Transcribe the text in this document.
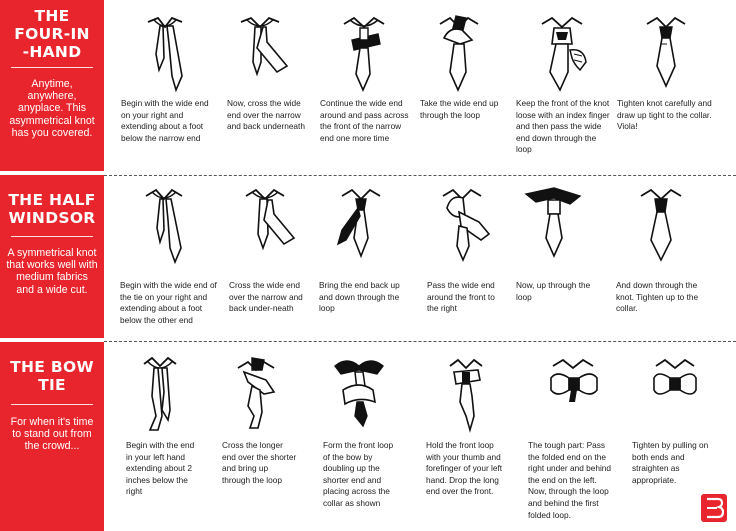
THE
FOUR-IN
-HAND
Anytime, anywhere, anyplace. This asymmetrical knot has you covered.
THE HALF
WINDSOR
A symmetrical knot that works well with medium fabrics and a wide cut.
THE BOW
TIE
For when it's time to stand out from the crowd...
Begin with the wide end on your right and extending about a foot below the narrow end
Now, cross the wide end over the narrow and back underneath
Continue the wide end around and pass across the front of the narrow end one more time
Take the wide end up through the loop
Keep the front of the knot loose with an index finger and then pass the wide end down through the loop
Tighten knot carefully and draw up tight to the collar. Viola!
Begin with the wide end of the tie on your right and extending about a foot below the other end
Cross the wide end over the narrow and back under-neath
Bring the end back up and down through the loop
Pass the wide end around the front to the right
Now, up through the loop
And down through the knot. Tighten up to the collar.
Begin with the end in your left hand extending about 2 inches below the right
Cross the longer end over the shorter and bring up through the loop
Form the front loop of the bow by doubling up the shorter end and placing across the collar as shown
Hold the front loop with your thumb and forefinger of your left hand. Drop the long end over the front.
The tough part: Pass the folded end on the right under and behind the end on the left. Now, through the loop and behind the first folded loop.
Tighten by pulling on both ends and straighten as appropriate.
